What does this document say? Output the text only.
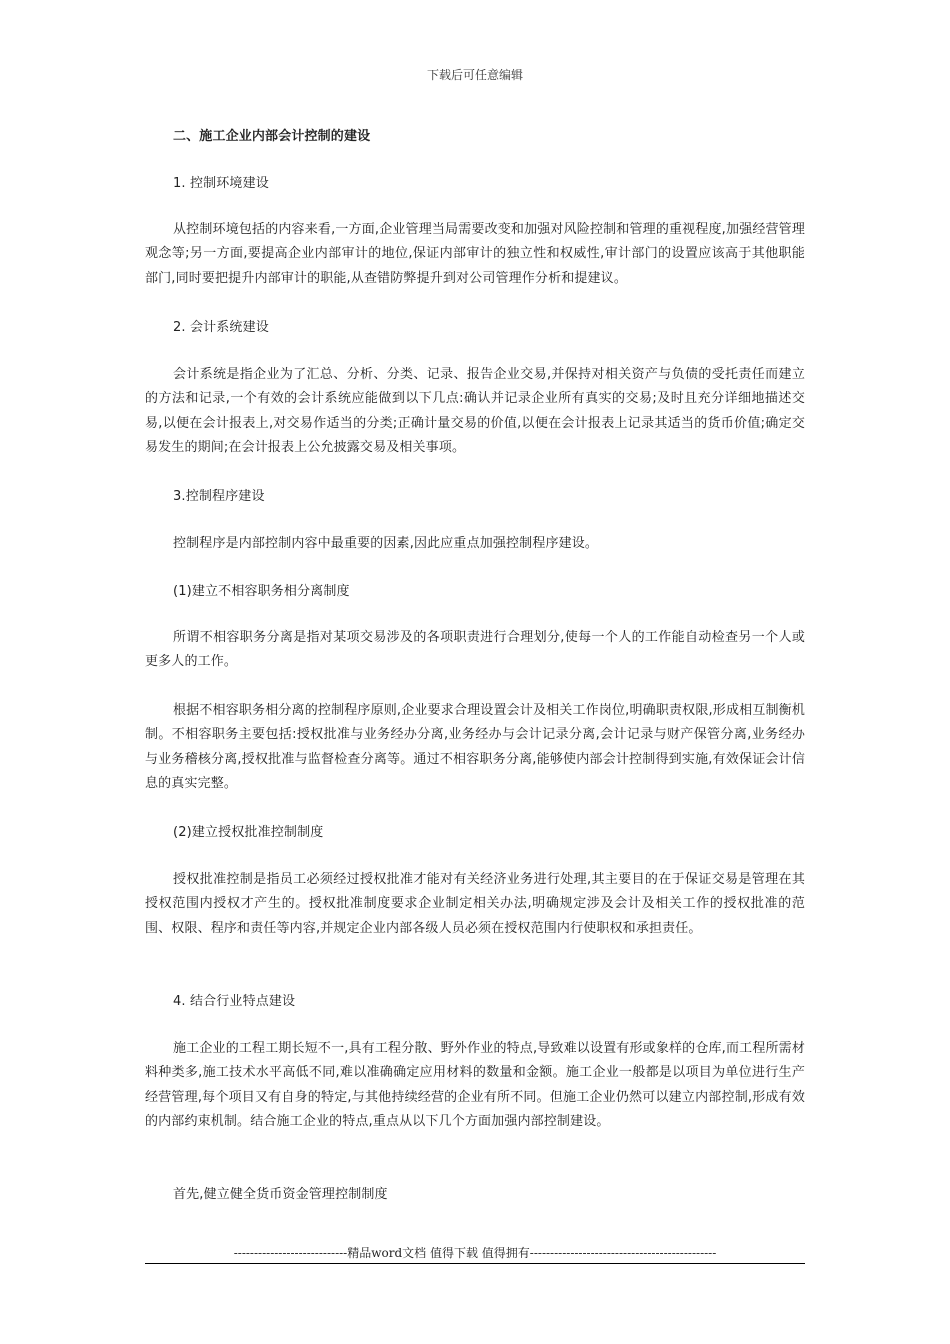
下载后可任意编辑
二、施工企业内部会计控制的建设
1. 控制环境建设

从控制环境包括的内容来看,一方面,企业管理当局需要改变和加强对风险控制和管理的重视程度,加强经营管理观念等;另一方面,要提高企业内部审计的地位,保证内部审计的独立性和权威性,审计部门的设置应该高于其他职能部门,同时要把提升内部审计的职能,从查错防弊提升到对公司管理作分析和提建议。

2. 会计系统建设

会计系统是指企业为了汇总、分析、分类、记录、报告企业交易,并保持对相关资产与负债的受托责任而建立的方法和记录,一个有效的会计系统应能做到以下几点:确认并记录企业所有真实的交易;及时且充分详细地描述交易,以便在会计报表上,对交易作适当的分类;正确计量交易的价值,以便在会计报表上记录其适当的货币价值;确定交易发生的期间;在会计报表上公允披露交易及相关事项。

3.控制程序建设

控制程序是内部控制内容中最重要的因素,因此应重点加强控制程序建设。

(1)建立不相容职务相分离制度

所谓不相容职务分离是指对某项交易涉及的各项职责进行合理划分,使每一个人的工作能自动检查另一个人或更多人的工作。

根据不相容职务相分离的控制程序原则,企业要求合理设置会计及相关工作岗位,明确职责权限,形成相互制衡机制。不相容职务主要包括:授权批准与业务经办分离,业务经办与会计记录分离,会计记录与财产保管分离,业务经办与业务稽核分离,授权批准与监督检查分离等。通过不相容职务分离,能够使内部会计控制得到实施,有效保证会计信息的真实完整。

(2)建立授权批准控制制度

授权批准控制是指员工必须经过授权批准才能对有关经济业务进行处理,其主要目的在于保证交易是管理在其授权范围内授权才产生的。授权批准制度要求企业制定相关办法,明确规定涉及会计及相关工作的授权批准的范围、权限、程序和责任等内容,并规定企业内部各级人员必须在授权范围内行使职权和承担责任。

4. 结合行业特点建设

施工企业的工程工期长短不一,具有工程分散、野外作业的特点,导致难以设置有形或象样的仓库,而工程所需材料种类多,施工技术水平高低不同,难以准确确定应用材料的数量和金额。施工企业一般都是以项目为单位进行生产经营管理,每个项目又有自身的特定,与其他持续经营的企业有所不同。但施工企业仍然可以建立内部控制,形成有效的内部约束机制。结合施工企业的特点,重点从以下几个方面加强内部控制建设。

首先,健立健全货币资金管理控制制度

----------------------------精品word文档 值得下载 值得拥有----------------------------------------------
